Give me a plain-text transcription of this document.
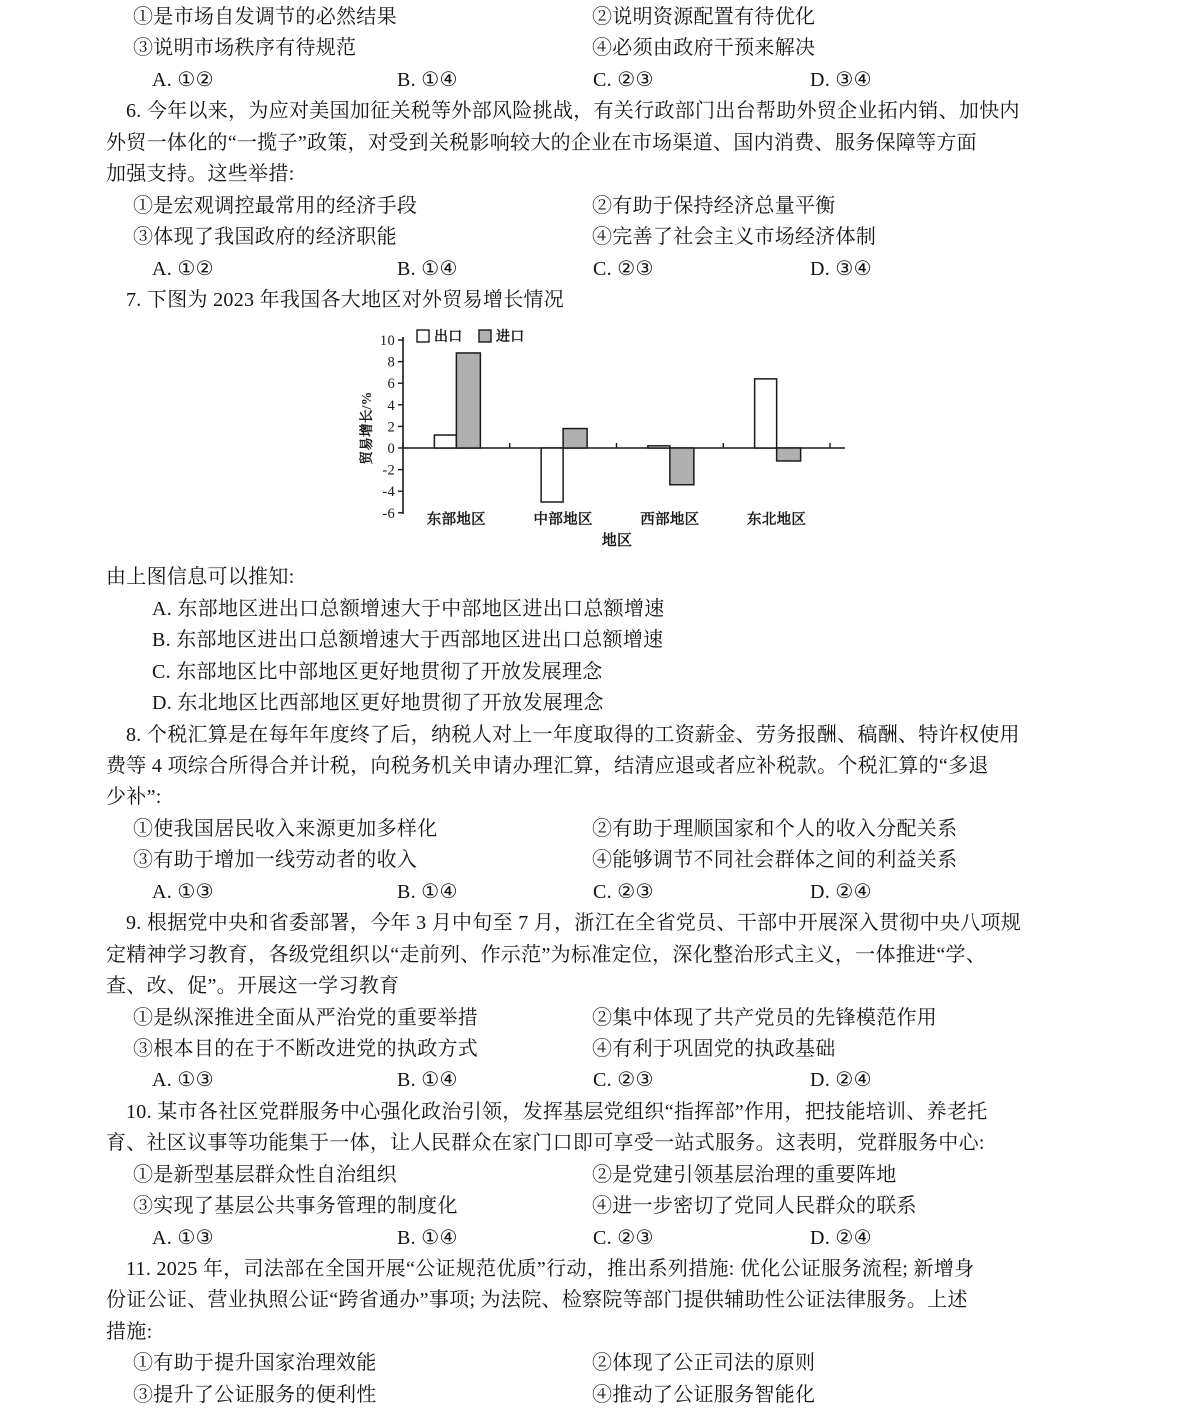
①是市场自发调节的必然结果	②说明资源配置有待优化
③说明市场秩序有待规范	④必须由政府干预来解决
A. ①②	B. ①④	C. ②③	D. ③④
6. 今年以来，为应对美国加征关税等外部风险挑战，有关行政部门出台帮助外贸企业拓内销、加快内
外贸一体化的“一揽子”政策，对受到关税影响较大的企业在市场渠道、国内消费、服务保障等方面
加强支持。这些举措:
①是宏观调控最常用的经济手段	②有助于保持经济总量平衡
③体现了我国政府的经济职能	④完善了社会主义市场经济体制
A. ①②	B. ①④	C. ②③	D. ③④
7. 下图为 2023 年我国各大地区对外贸易增长情况
-6
-4
-2
0
2
4
6
8
10
东部地区	中部地区	西部地区	东北地区
出口 进口
贸易增长/%
地区
由上图信息可以推知:
A. 东部地区进出口总额增速大于中部地区进出口总额增速
B. 东部地区进出口总额增速大于西部地区进出口总额增速
C. 东部地区比中部地区更好地贯彻了开放发展理念
D. 东北地区比西部地区更好地贯彻了开放发展理念
8. 个税汇算是在每年年度终了后，纳税人对上一年度取得的工资薪金、劳务报酬、稿酬、特许权使用
费等 4 项综合所得合并计税，向税务机关申请办理汇算，结清应退或者应补税款。个税汇算的“多退
少补”:
①使我国居民收入来源更加多样化	②有助于理顺国家和个人的收入分配关系
③有助于增加一线劳动者的收入	④能够调节不同社会群体之间的利益关系
A. ①③	B. ①④	C. ②③	D. ②④
9. 根据党中央和省委部署，今年 3 月中旬至 7 月，浙江在全省党员、干部中开展深入贯彻中央八项规
定精神学习教育，各级党组织以“走前列、作示范”为标准定位，深化整治形式主义，一体推进“学、
查、改、促”。开展这一学习教育
①是纵深推进全面从严治党的重要举措	②集中体现了共产党员的先锋模范作用
③根本目的在于不断改进党的执政方式	④有利于巩固党的执政基础
A. ①③	B. ①④	C. ②③	D. ②④
10. 某市各社区党群服务中心强化政治引领，发挥基层党组织“指挥部”作用，把技能培训、养老托
育、社区议事等功能集于一体，让人民群众在家门口即可享受一站式服务。这表明，党群服务中心:
①是新型基层群众性自治组织	②是党建引领基层治理的重要阵地
③实现了基层公共事务管理的制度化	④进一步密切了党同人民群众的联系
A. ①③	B. ①④	C. ②③	D. ②④
11. 2025 年，司法部在全国开展“公证规范优质”行动，推出系列措施: 优化公证服务流程; 新增身
份证公证、营业执照公证“跨省通办”事项; 为法院、检察院等部门提供辅助性公证法律服务。上述
措施:
①有助于提升国家治理效能	②体现了公正司法的原则
③提升了公证服务的便利性	④推动了公证服务智能化
